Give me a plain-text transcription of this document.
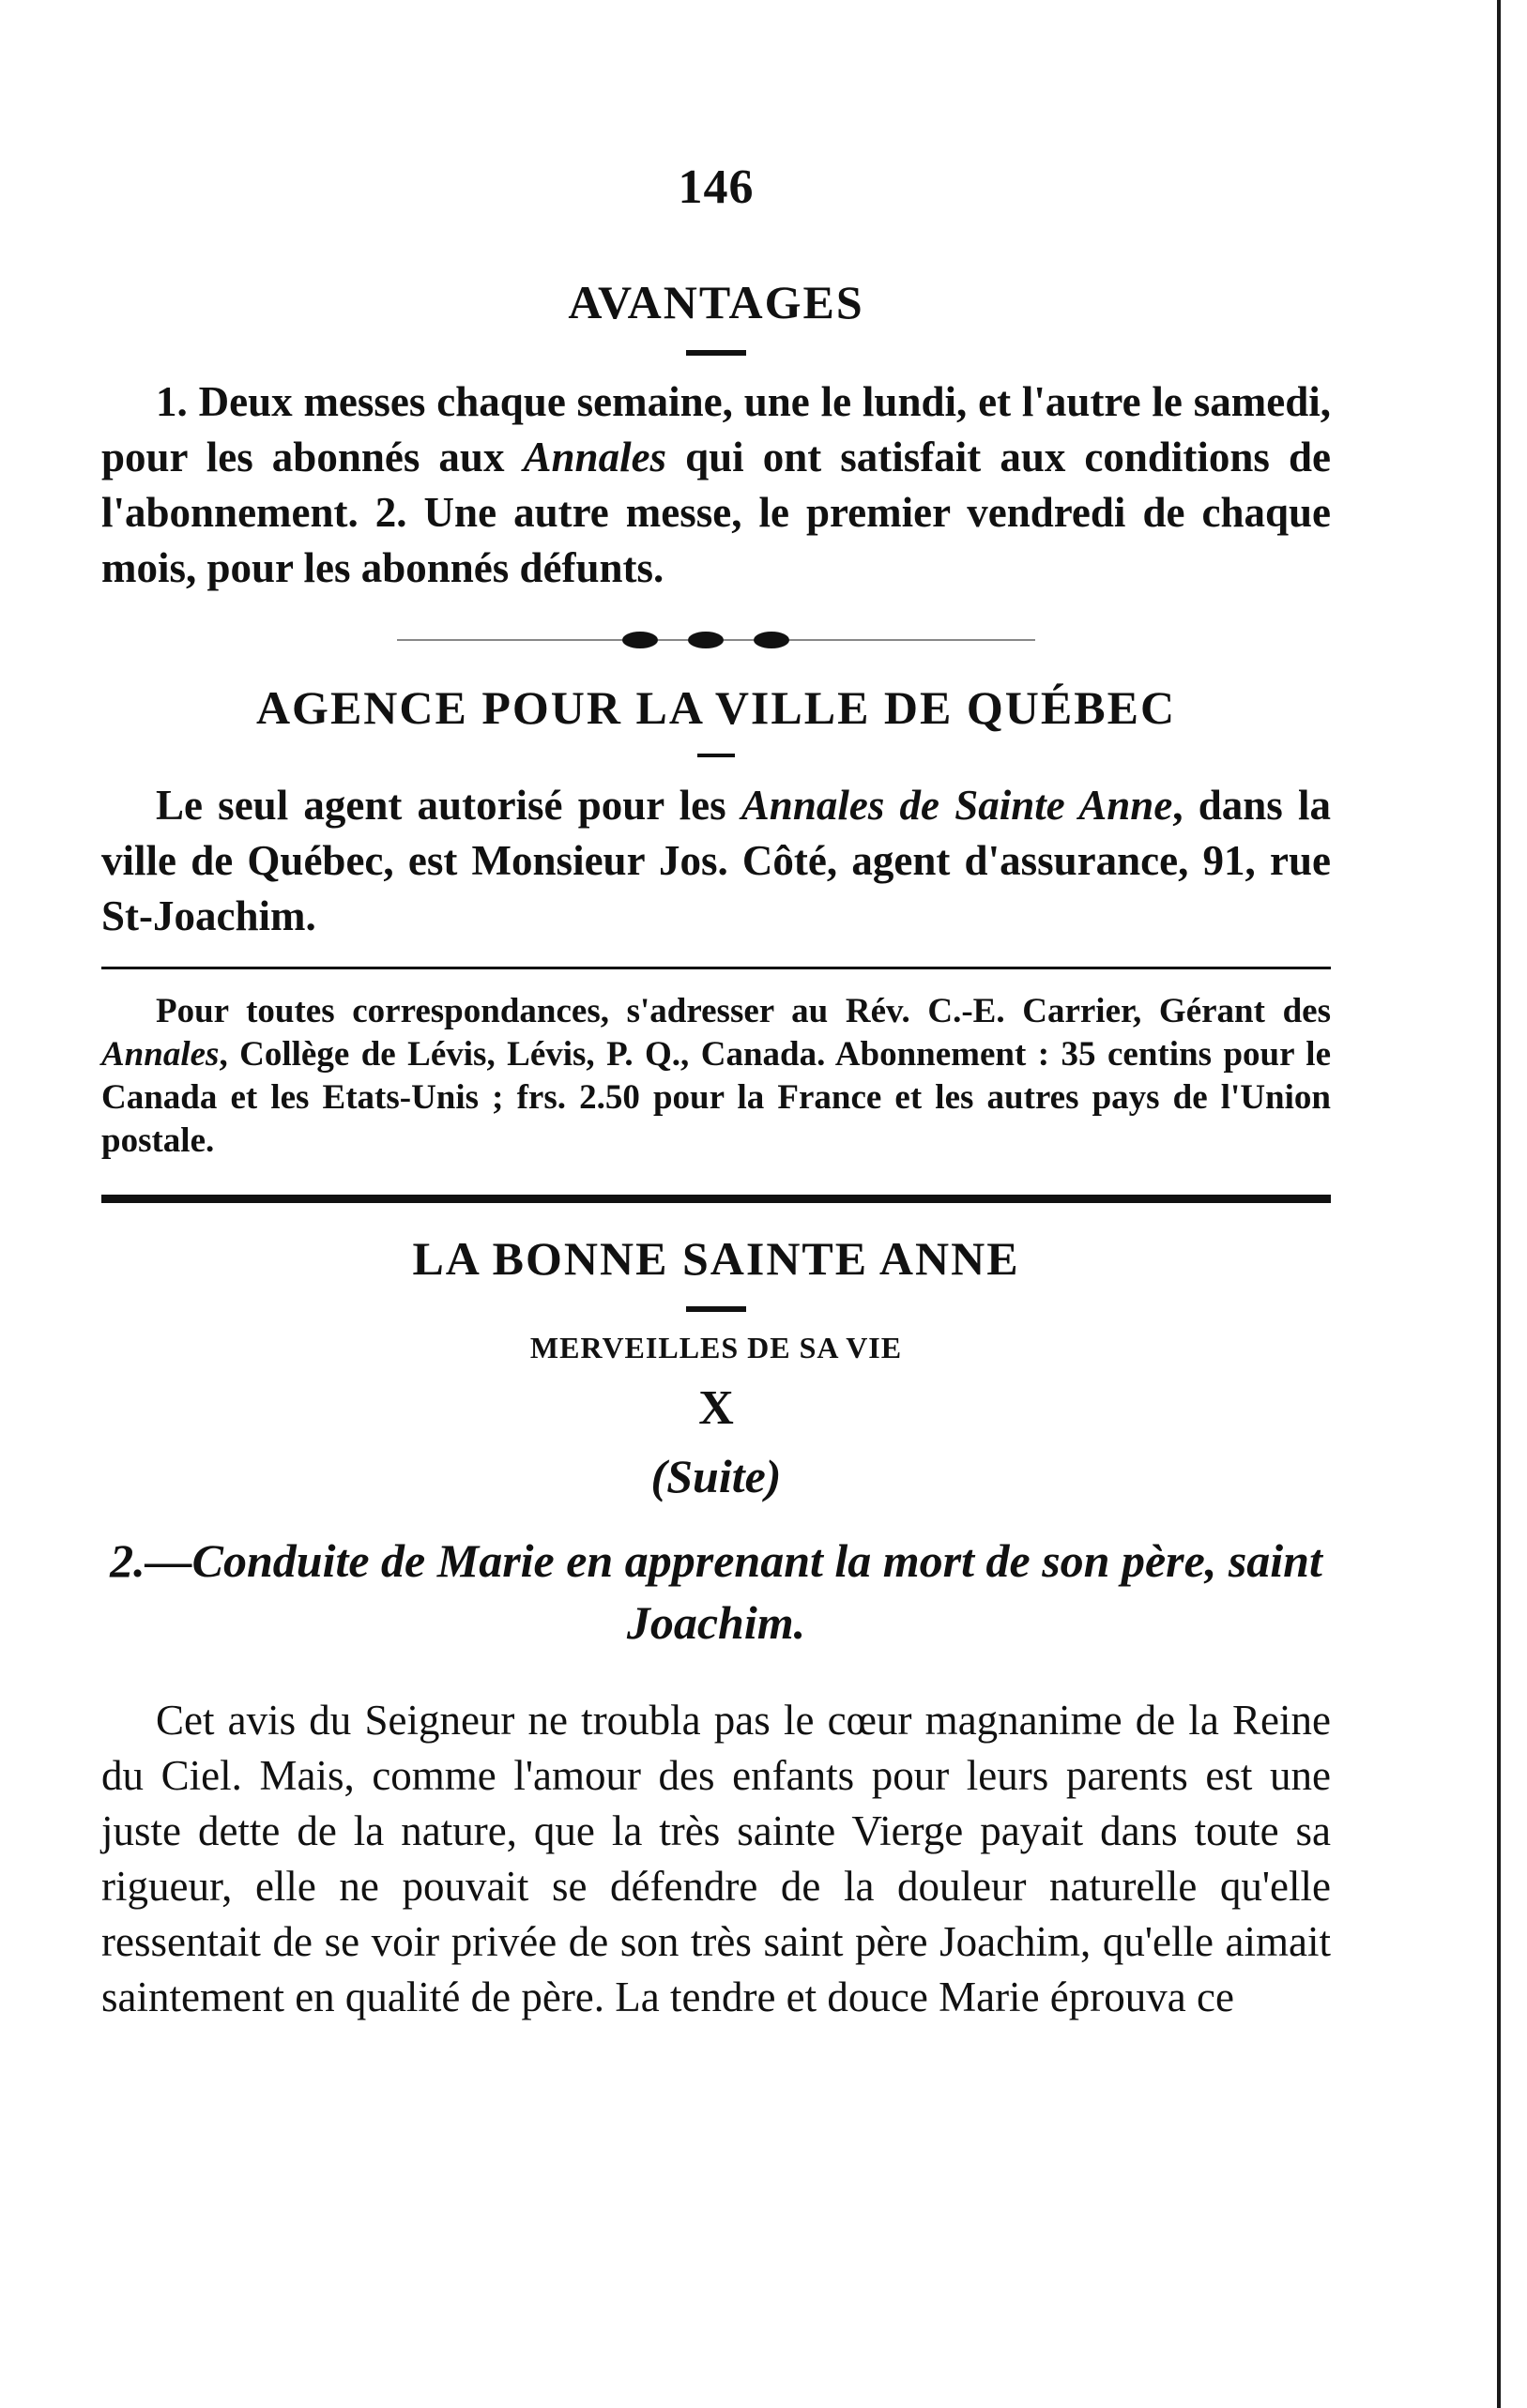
146
AVANTAGES

1. Deux messes chaque semaine, une le lundi, et l'autre le samedi, pour les abonnés aux Annales qui ont satisfait aux conditions de l'abonnement. 2. Une autre messe, le premier vendredi de chaque mois, pour les abonnés défunts.

AGENCE POUR LA VILLE DE QUÉBEC

Le seul agent autorisé pour les Annales de Sainte Anne, dans la ville de Québec, est Monsieur Jos. Côté, agent d'assurance, 91, rue St-Joachim.

Pour toutes correspondances, s'adresser au Rév. C.-E. Carrier, Gérant des Annales, Collège de Lévis, Lévis, P. Q., Canada. Abonnement : 35 centins pour le Canada et les Etats-Unis ; frs. 2.50 pour la France et les autres pays de l'Union postale.

LA BONNE SAINTE ANNE
MERVEILLES DE SA VIE
X
(Suite)
2.—Conduite de Marie en apprenant la mort de son père, saint Joachim.

Cet avis du Seigneur ne troubla pas le cœur magnanime de la Reine du Ciel. Mais, comme l'amour des enfants pour leurs parents est une juste dette de la nature, que la très sainte Vierge payait dans toute sa rigueur, elle ne pouvait se défendre de la douleur naturelle qu'elle ressentait de se voir privée de son très saint père Joachim, qu'elle aimait saintement en qualité de père. La tendre et douce Marie éprouva ce
